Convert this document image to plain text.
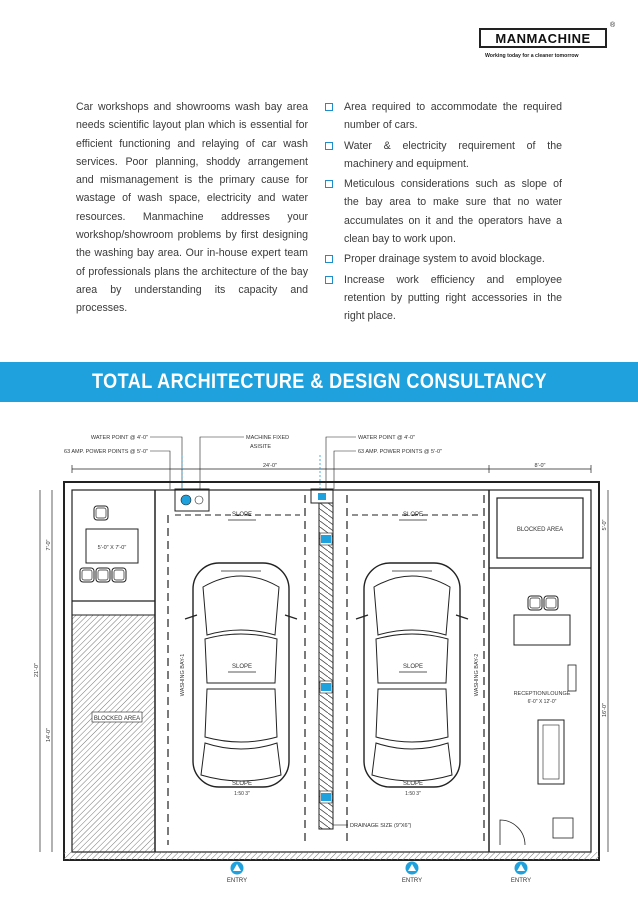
MANMACHINE
®
Working today for a cleaner tomorrow

Car workshops and showrooms wash bay area needs scientific layout plan which is essential for efficient functioning and relaying of car wash services. Poor planning, shoddy arrangement and mismanagement is the primary cause for wastage of wash space, electricity and water resources. Manmachine addresses your workshop/showroom problems by first designing the washing bay area. Our in-house expert team of professionals plans the architecture of the bay area by understanding its capacity and processes.

Area required to accommodate the required number of cars.
Water & electricity requirement of the machinery and equipment.
Meticulous considerations such as slope of the bay area to make sure that no water accumulates on it and the operators have a clean bay to work upon.
Proper drainage system to avoid blockage.
Increase work efficiency and employee retention by putting right accessories in the right place.
TOTAL ARCHITECTURE & DESIGN CONSULTANCY
BLOCKED AREA
5'-0" X 7'-0"
SLOPE
SLOPE
SLOPE
1:50 3"
SLOPE
SLOPE
SLOPE
1:50 3"
WASHING BAY-1	WASHING BAY-2
BLOCKED AREA
RECEPTION/LOUNGE
6'-0" X 12'-0"
24'-0"	8'-0"
7'-0"
21'-0"
14'-0"
5'-0"
16'-0"
WATER POINT @ 4'-0"
63 AMP. POWER POINTS @ 5'-0"
MACHINE FIXED
ASISITE
WATER POINT @ 4'-0"
63 AMP. POWER POINTS @ 5'-0"
DRAINAGE SIZE (9"X6")
ENTRY	ENTRY	ENTRY
